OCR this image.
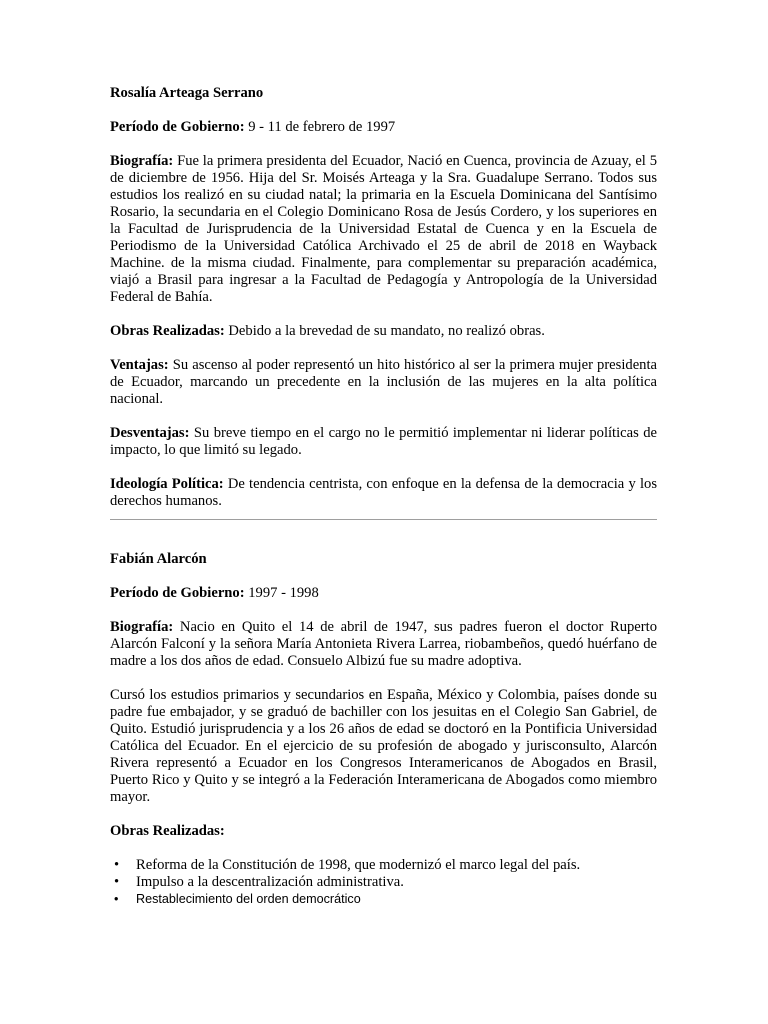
Rosalía Arteaga Serrano

Período de Gobierno: 9 - 11 de febrero de 1997

Biografía: Fue la primera presidenta del Ecuador, Nació en Cuenca, provincia de Azuay, el 5 de diciembre de 1956. Hija del Sr. Moisés Arteaga y la Sra. Guadalupe Serrano. Todos sus estudios los realizó en su ciudad natal; la primaria en la Escuela Dominicana del Santísimo Rosario, la secundaria en el Colegio Dominicano Rosa de Jesús Cordero, y los superiores en la Facultad de Jurisprudencia de la Universidad Estatal de Cuenca y en la Escuela de Periodismo de la Universidad Católica Archivado el 25 de abril de 2018 en Wayback Machine. de la misma ciudad. Finalmente, para complementar su preparación académica, viajó a Brasil para ingresar a la Facultad de Pedagogía y Antropología de la Universidad Federal de Bahía.

Obras Realizadas: Debido a la brevedad de su mandato, no realizó obras.

Ventajas: Su ascenso al poder representó un hito histórico al ser la primera mujer presidenta de Ecuador, marcando un precedente en la inclusión de las mujeres en la alta política nacional.

Desventajas: Su breve tiempo en el cargo no le permitió implementar ni liderar políticas de impacto, lo que limitó su legado.

Ideología Política: De tendencia centrista, con enfoque en la defensa de la democracia y los derechos humanos.

Fabián Alarcón

Período de Gobierno: 1997 - 1998

Biografía: Nacio en Quito el 14 de abril de 1947, sus padres fueron el doctor Ruperto Alarcón Falconí y la señora María Antonieta Rivera Larrea, riobambeños, quedó huérfano de madre a los dos años de edad. Consuelo Albizú fue su madre adoptiva.

Cursó los estudios primarios y secundarios en España, México y Colombia, países donde su padre fue embajador, y se graduó de bachiller con los jesuitas en el Colegio San Gabriel, de Quito. Estudió jurisprudencia y a los 26 años de edad se doctoró en la Pontificia Universidad Católica del Ecuador. En el ejercicio de su profesión de abogado y jurisconsulto, Alarcón Rivera representó a Ecuador en los Congresos Interamericanos de Abogados en Brasil, Puerto Rico y Quito y se integró a la Federación Interamericana de Abogados como miembro mayor.

Obras Realizadas:

• Reforma de la Constitución de 1998, que modernizó el marco legal del país.
• Impulso a la descentralización administrativa.
• Restablecimiento del orden democrático
